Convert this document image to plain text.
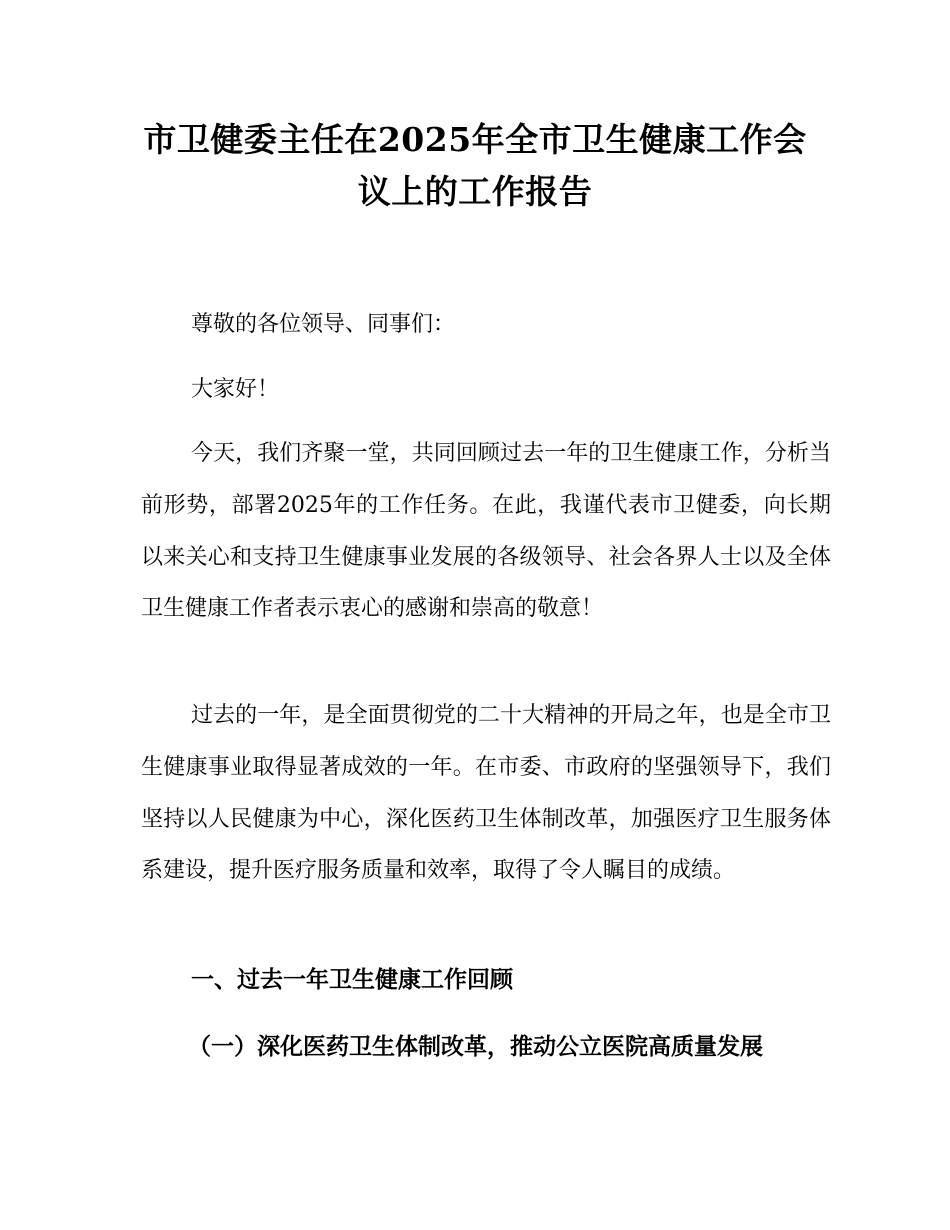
市卫健委主任在2025年全市卫生健康工作会
议上的工作报告

尊敬的各位领导、同事们：

大家好！

今天，我们齐聚一堂，共同回顾过去一年的卫生健康工作，分析当前形势，部署2025年的工作任务。在此，我谨代表市卫健委，向长期以来关心和支持卫生健康事业发展的各级领导、社会各界人士以及全体卫生健康工作者表示衷心的感谢和崇高的敬意！

过去的一年，是全面贯彻党的二十大精神的开局之年，也是全市卫生健康事业取得显著成效的一年。在市委、市政府的坚强领导下，我们坚持以人民健康为中心，深化医药卫生体制改革，加强医疗卫生服务体系建设，提升医疗服务质量和效率，取得了令人瞩目的成绩。

一、过去一年卫生健康工作回顾
（一）深化医药卫生体制改革，推动公立医院高质量发展
